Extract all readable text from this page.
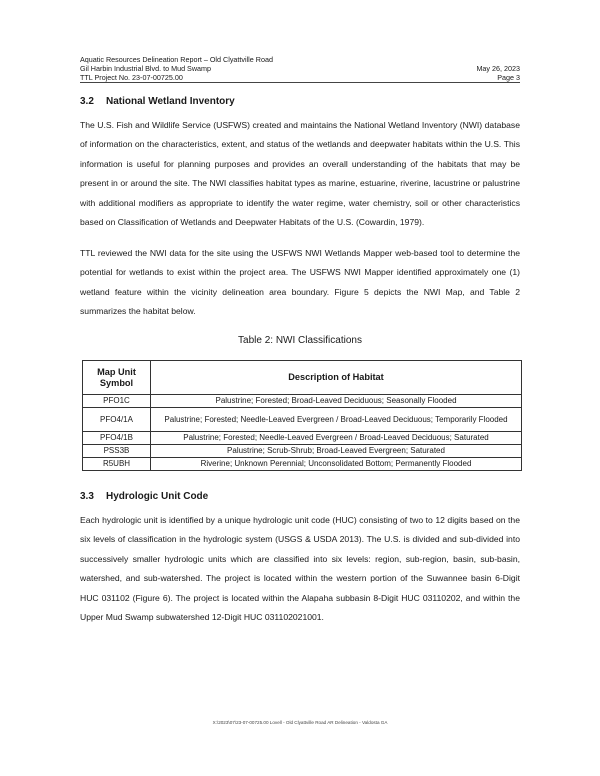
Aquatic Resources Delineation Report – Old Clyattville Road
Gil Harbin Industrial Blvd. to Mud Swamp
TTL Project No. 23-07-00725.00

May 26, 2023
Page 3
3.2 National Wetland Inventory

The U.S. Fish and Wildlife Service (USFWS) created and maintains the National Wetland Inventory (NWI) database of information on the characteristics, extent, and status of the wetlands and deepwater habitats within the U.S. This information is useful for planning purposes and provides an overall understanding of the habitats that may be present in or around the site. The NWI classifies habitat types as marine, estuarine, riverine, lacustrine or palustrine with additional modifiers as appropriate to identify the water regime, water chemistry, soil or other characteristics based on Classification of Wetlands and Deepwater Habitats of the U.S. (Cowardin, 1979).

TTL reviewed the NWI data for the site using the USFWS NWI Wetlands Mapper web-based tool to determine the potential for wetlands to exist within the project area. The USFWS NWI Mapper identified approximately one (1) wetland feature within the vicinity delineation area boundary. Figure 5 depicts the NWI Map, and Table 2 summarizes the habitat below.

Table 2: NWI Classifications
Map Unit Symbol	Description of Habitat
PFO1C	Palustrine; Forested; Broad-Leaved Deciduous; Seasonally Flooded
PFO4/1A	Palustrine; Forested; Needle-Leaved Evergreen / Broad-Leaved Deciduous; Temporarily Flooded
PFO4/1B	Palustrine; Forested; Needle-Leaved Evergreen / Broad-Leaved Deciduous; Saturated
PSS3B	Palustrine; Scrub-Shrub; Broad-Leaved Evergreen; Saturated
R5UBH	Riverine; Unknown Perennial; Unconsolidated Bottom; Permanently Flooded
3.3 Hydrologic Unit Code

Each hydrologic unit is identified by a unique hydrologic unit code (HUC) consisting of two to 12 digits based on the six levels of classification in the hydrologic system (USGS & USDA 2013). The U.S. is divided and sub-divided into successively smaller hydrologic units which are classified into six levels: region, sub-region, basin, sub-basin, watershed, and sub-watershed. The project is located within the western portion of the Suwannee basin 6-Digit HUC 031102 (Figure 6). The project is located within the Alapaha subbasin 8-Digit HUC 03110202, and within the Upper Mud Swamp subwatershed 12-Digit HUC 031102021001.

X:\2023\07\23-07-00725.00 Lovell - Old Clyattville Road AR Delineation - Valdosta GA
